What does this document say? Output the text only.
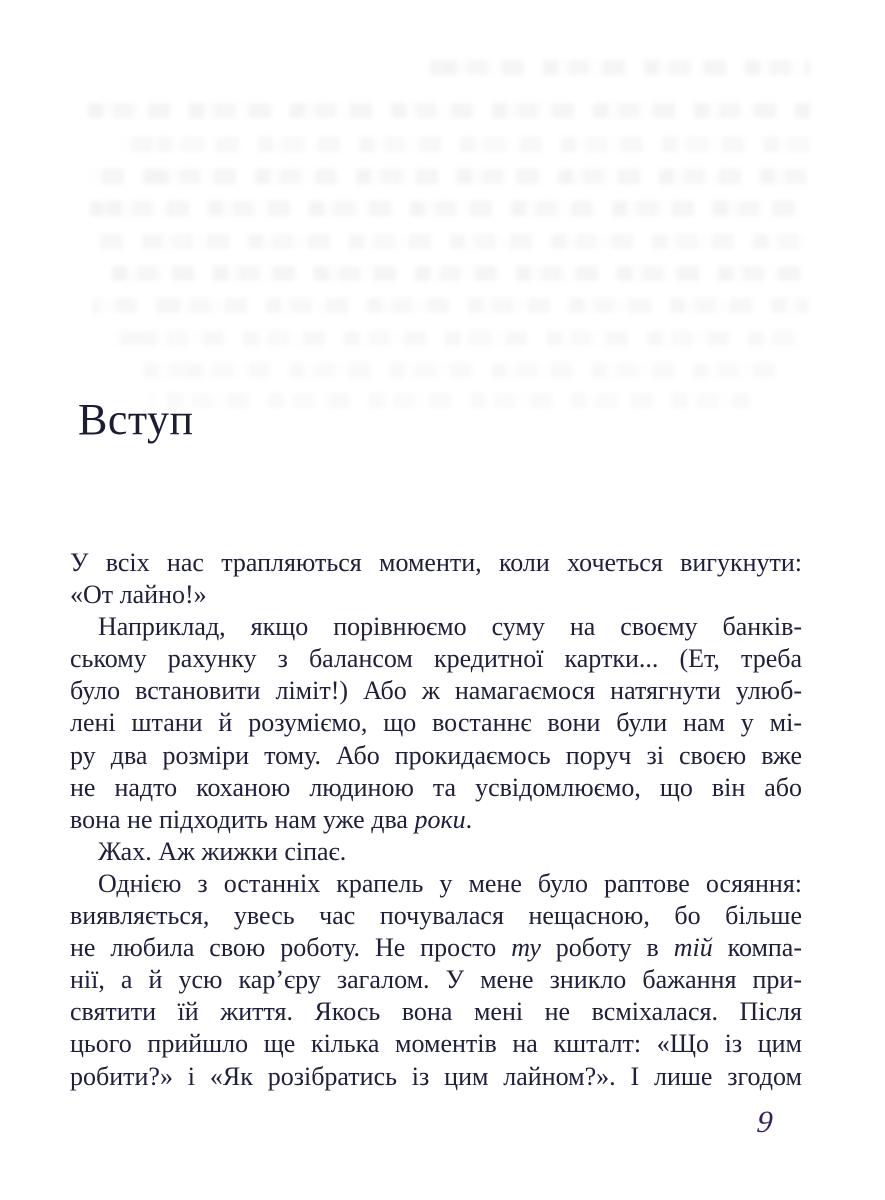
Вступ
У всіх нас трапляються моменти, коли хочеться вигукнути:
«От лайно!»
Наприклад, якщо порівнюємо суму на своєму банків-
ському рахунку з балансом кредитної картки... (Ет, треба
було встановити ліміт!) Або ж намагаємося натягнути улюб-
лені штани й розуміємо, що востаннє вони були нам у мі-
ру два розміри тому. Або прокидаємось поруч зі своєю вже
не надто коханою людиною та усвідомлюємо, що він або
вона не підходить нам уже два роки.
Жах. Аж жижки сіпає.
Однією з останніх крапель у мене було раптове осяяння:
виявляється, увесь час почувалася нещасною, бо більше
не любила свою роботу. Не просто ту роботу в тій компа-
нії, а й усю кар’єру загалом. У мене зникло бажання при-
святити їй життя. Якось вона мені не всміхалася. Після
цього прийшло ще кілька моментів на кшталт: «Що із цим
робити?» і «Як розібратись із цим лайном?». І лише згодом
9
